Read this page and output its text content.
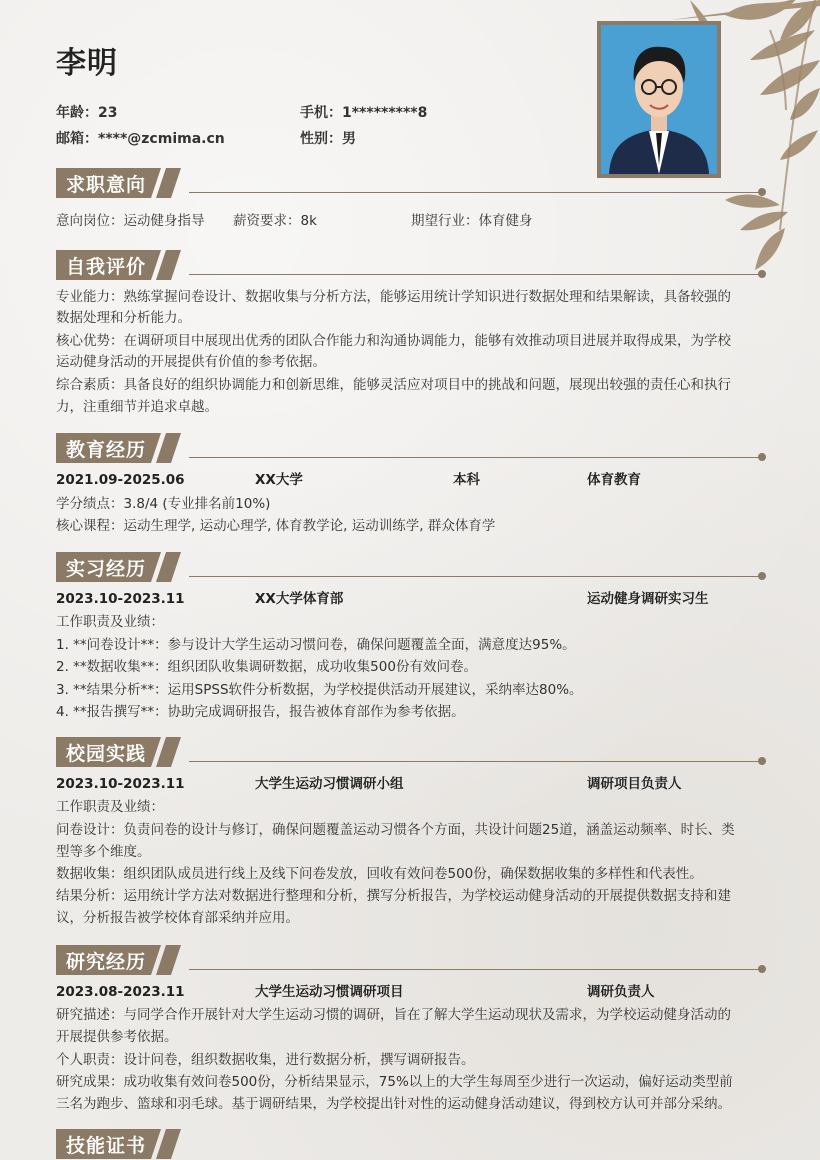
李明
年龄：23	手机：1*********8
邮箱：****@zcmima.cn	性别：男
求职意向
意向岗位：运动健身指导 薪资要求：8k	期望行业：体育健身
自我评价
专业能力：熟练掌握问卷设计、数据收集与分析方法，能够运用统计学知识进行数据处理和结果解读，具备较强的
数据处理和分析能力。
核心优势：在调研项目中展现出优秀的团队合作能力和沟通协调能力，能够有效推动项目进展并取得成果，为学校
运动健身活动的开展提供有价值的参考依据。
综合素质：具备良好的组织协调能力和创新思维，能够灵活应对项目中的挑战和问题，展现出较强的责任心和执行
力，注重细节并追求卓越。
教育经历
2021.09-2025.06	XX大学	本科	体育教育
学分绩点：3.8/4 (专业排名前10%)
核心课程：运动生理学, 运动心理学, 体育教学论, 运动训练学, 群众体育学
实习经历
2023.10-2023.11	XX大学体育部	运动健身调研实习生
工作职责及业绩：
1. **问卷设计**：参与设计大学生运动习惯问卷，确保问题覆盖全面，满意度达95%。
2. **数据收集**：组织团队收集调研数据，成功收集500份有效问卷。
3. **结果分析**：运用SPSS软件分析数据，为学校提供活动开展建议，采纳率达80%。
4. **报告撰写**：协助完成调研报告，报告被体育部作为参考依据。
校园实践
2023.10-2023.11	大学生运动习惯调研小组	调研项目负责人
工作职责及业绩：
问卷设计：负责问卷的设计与修订，确保问题覆盖运动习惯各个方面，共设计问题25道，涵盖运动频率、时长、类
型等多个维度。
数据收集：组织团队成员进行线上及线下问卷发放，回收有效问卷500份，确保数据收集的多样性和代表性。
结果分析：运用统计学方法对数据进行整理和分析，撰写分析报告，为学校运动健身活动的开展提供数据支持和建
议，分析报告被学校体育部采纳并应用。
研究经历
2023.08-2023.11	大学生运动习惯调研项目	调研负责人
研究描述：与同学合作开展针对大学生运动习惯的调研，旨在了解大学生运动现状及需求，为学校运动健身活动的
开展提供参考依据。
个人职责：设计问卷，组织数据收集，进行数据分析，撰写调研报告。
研究成果：成功收集有效问卷500份，分析结果显示，75%以上的大学生每周至少进行一次运动，偏好运动类型前
三名为跑步、篮球和羽毛球。基于调研结果，为学校提出针对性的运动健身活动建议，得到校方认可并部分采纳。
技能证书
